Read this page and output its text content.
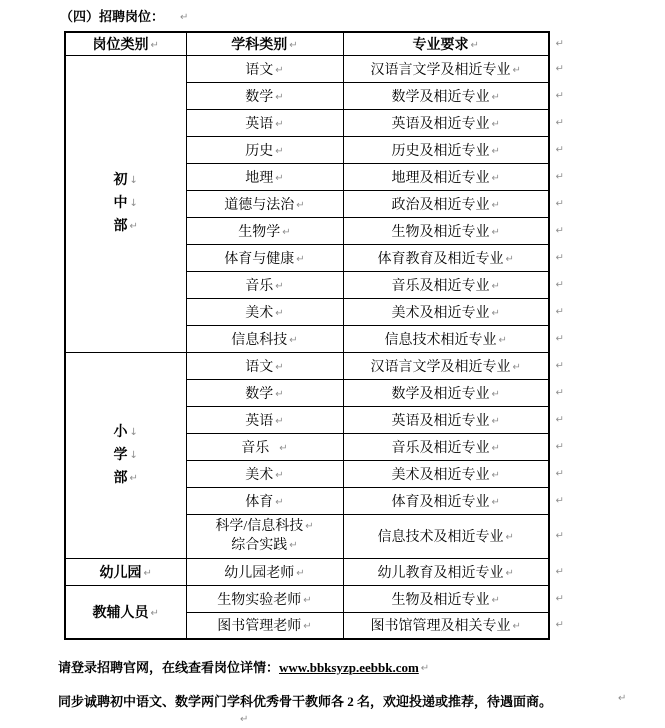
（四）招聘岗位： ↵
岗位类别 ↵	学科类别 ↵	专业要求 ↵ ↵

初 ↓
中 ↓
部 ↵
	语文 ↵	汉语言文学及相近专业 ↵	↵

	数学 ↵	数学及相近专业 ↵ ↵

	英语 ↵	英语及相近专业 ↵ ↵

	历史 ↵	历史及相近专业 ↵ ↵

	地理 ↵	地理及相近专业 ↵ ↵

	道德与法治 ↵	政治及相近专业 ↵ ↵

	生物学 ↵	生物及相近专业 ↵ ↵

	体育与健康 ↵	体育教育及相近专业 ↵ ↵

	音乐 ↵	音乐及相近专业 ↵ ↵

	美术 ↵	美术及相近专业 ↵ ↵

	信息科技 ↵	信息技术相近专业 ↵ ↵

小 ↓
学 ↓
部 ↵
	语文 ↵	汉语言文学及相近专业 ↵	↵

	数学 ↵	数学及相近专业 ↵ ↵

	英语 ↵	英语及相近专业 ↵ ↵

	音乐 ↵	音乐及相近专业 ↵ ↵

	美术 ↵	美术及相近专业 ↵ ↵

	体育 ↵	体育及相近专业 ↵ ↵

科学/信息科技 ↵
综合实践 ↵
	信息技术及相近专业 ↵	↵

幼儿园 ↵	幼儿园老师 ↵	幼儿教育及相近专业 ↵ ↵

教辅人员 ↵	生物实验老师 ↵	生物及相近专业 ↵ ↵

	图书管理老师 ↵	图书馆管理及相关专业 ↵ ↵
请登录招聘官网，在线查看岗位详情：www.bbksyzp.eebbk.com ↵
同步诚聘初中语文、数学两门学科优秀骨干教师各 2 名，欢迎投递或推荐，待遇面商。	↵
↵
